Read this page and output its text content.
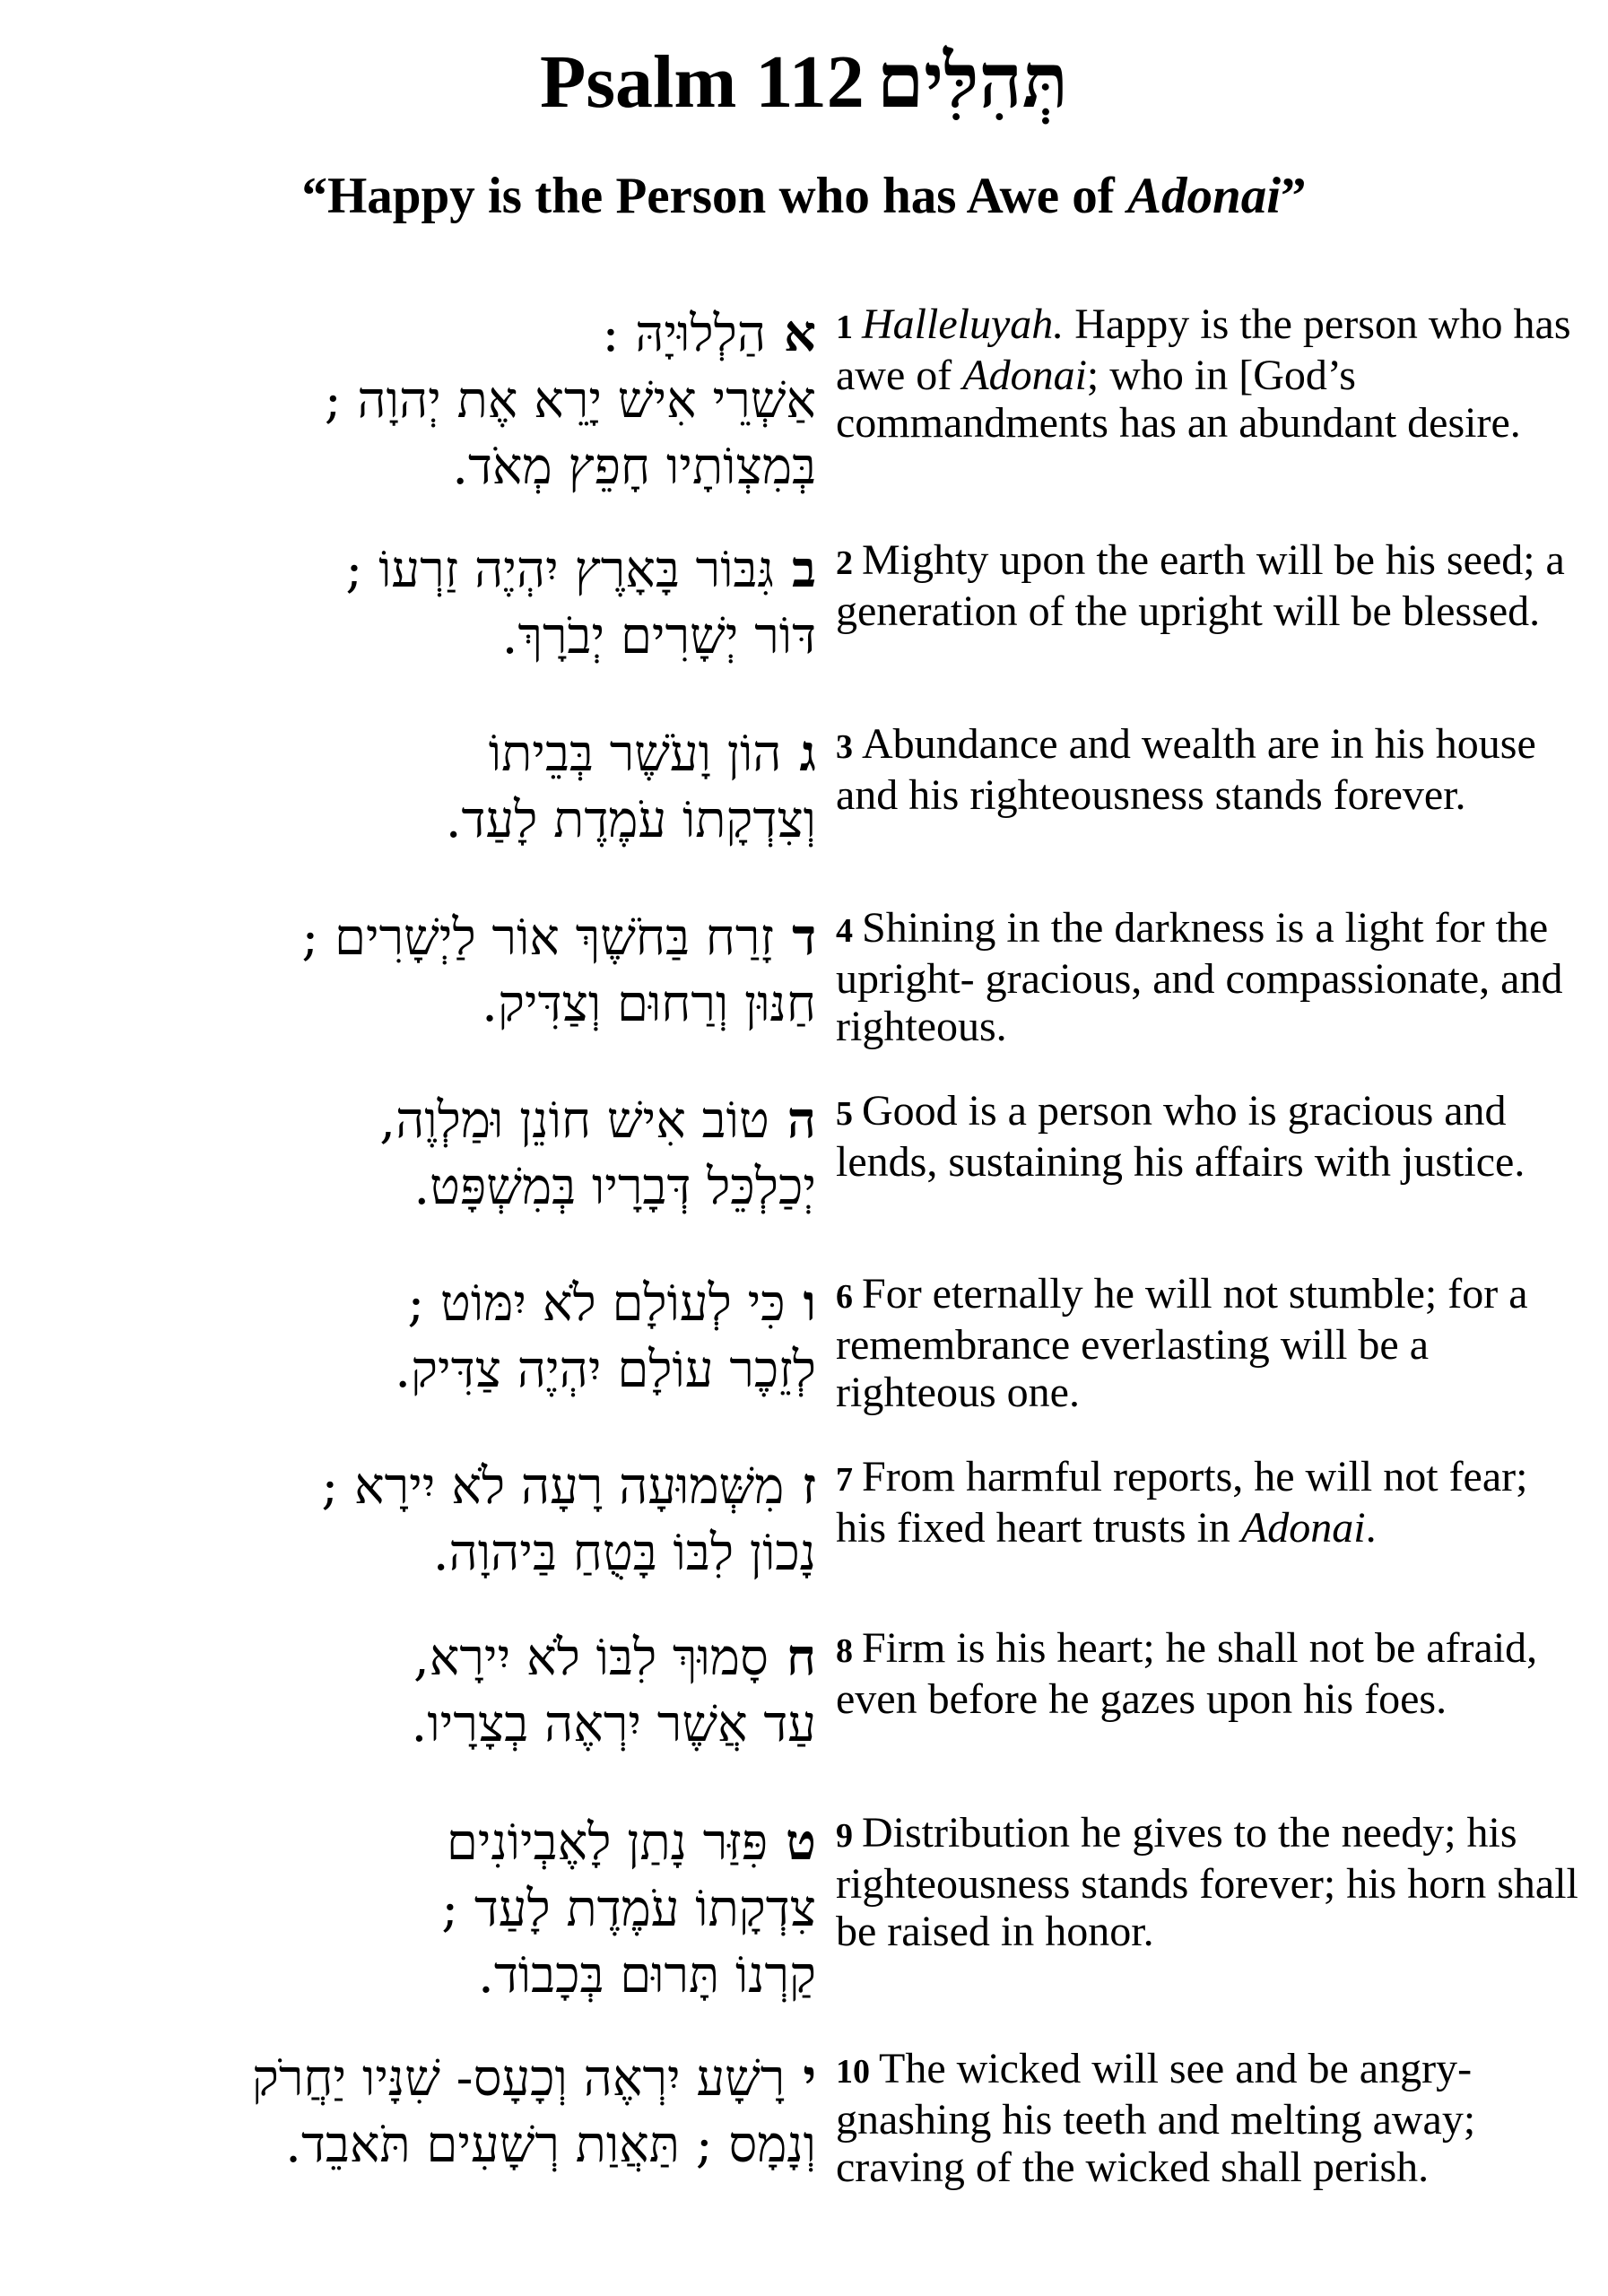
Psalm 112 תְּהִלִּים
“Happy is the Person who has Awe of Adonai”
אהַלְלוּיָהּ :
אַשְׁרֵי אִישׁ יָרֵא אֶת יְהוָה ;
בְּמִצְוֹתָיו חָפֵץ מְאֹד.
1 Halleluyah. Happy is the person who has awe of Adonai; who in [God’s commandments has an abundant desire.
בגִּבּוֹר בָּאָרֶץ יִהְיֶה זַרְעוֹ ;
דּוֹר יְשָׁרִים יְבֹרָךְ.
2 Mighty upon the earth will be his seed; a generation of the upright will be blessed.
גהוֹן וָעֹשֶׁר בְּבֵיתוֹ
וְצִדְקָתוֹ עֹמֶדֶת לָעַד.
3 Abundance and wealth are in his house and his righteousness stands forever.
דזָרַח בַּחֹשֶׁךְ אוֹר לַיְשָׁרִים ;
חַנּוּן וְרַחוּם וְצַדִּיק.
4 Shining in the darkness is a light for the upright- gracious, and compassionate, and righteous.
הטוֹב אִישׁ חוֹנֵן וּמַלְוֶה,
יְכַלְכֵּל דְּבָרָיו בְּמִשְׁפָּט.
5 Good is a person who is gracious and lends, sustaining his affairs with justice.
וכִּי לְעוֹלָם לֹא יִמּוֹט ;
לְזֵכֶר עוֹלָם יִהְיֶה צַדִּיק.
6 For eternally he will not stumble; for a remembrance everlasting will be a righteous one.
זמִשְּׁמוּעָה רָעָה לֹא יִירָא ;
נָכוֹן לִבּוֹ בָּטֻחַ בַּיהוָה.
7 From harmful reports, he will not fear; his fixed heart trusts in Adonai.
חסָמוּךְ לִבּוֹ לֹא יִירָא,
עַד אֲשֶׁר יִרְאֶה בְצָרָיו.
8 Firm is his heart; he shall not be afraid, even before he gazes upon his foes.
טפִּזַּר נָתַן לָאֶבְיוֹנִים
צִדְקָתוֹ עֹמֶדֶת לָעַד ;
קַרְנוֹ תָּרוּם בְּכָבוֹד.
9 Distribution he gives to the needy; his righteousness stands forever; his horn shall be raised in honor.
ירָשָׁע יִרְאֶה וְכָעָס- שִׁנָּיו יַחֲרֹק
וְנָמָס ; תַּאֲוַת רְשָׁעִים תֹּאבֵד.
10 The wicked will see and be angry- gnashing his teeth and melting away; craving of the wicked shall perish.
